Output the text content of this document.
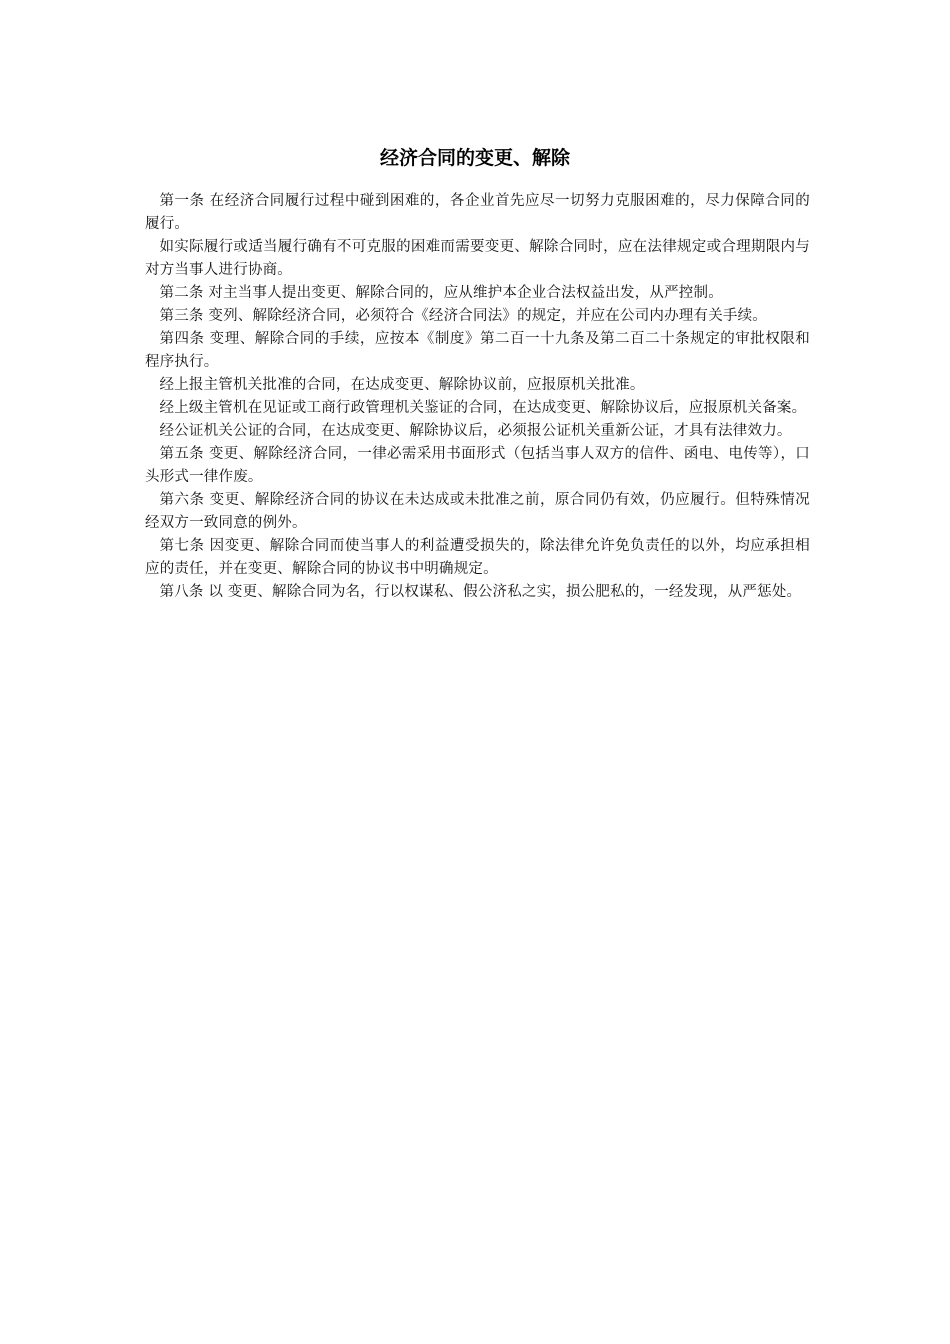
经济合同的变更、解除

第一条 在经济合同履行过程中碰到困难的，各企业首先应尽一切努力克服困难的，尽力保障合同的履行。

如实际履行或适当履行确有不可克服的困难而需要变更、解除合同时，应在法律规定或合理期限内与对方当事人进行协商。

第二条 对主当事人提出变更、解除合同的，应从维护本企业合法权益出发，从严控制。

第三条 变列、解除经济合同，必须符合《经济合同法》的规定，并应在公司内办理有关手续。

第四条 变理、解除合同的手续，应按本《制度》第二百一十九条及第二百二十条规定的审批权限和程序执行。

经上报主管机关批准的合同，在达成变更、解除协议前，应报原机关批准。

经上级主管机在见证或工商行政管理机关鉴证的合同，在达成变更、解除协议后，应报原机关备案。

经公证机关公证的合同，在达成变更、解除协议后，必须报公证机关重新公证，才具有法律效力。

第五条 变更、解除经济合同，一律必需采用书面形式（包括当事人双方的信件、函电、电传等），口头形式一律作废。

第六条 变更、解除经济合同的协议在未达成或未批准之前，原合同仍有效，仍应履行。但特殊情况经双方一致同意的例外。

第七条 因变更、解除合同而使当事人的利益遭受损失的，除法律允许免负责任的以外，均应承担相应的责任，并在变更、解除合同的协议书中明确规定。

第八条 以 变更、解除合同为名，行以权谋私、假公济私之实，损公肥私的，一经发现，从严惩处。
